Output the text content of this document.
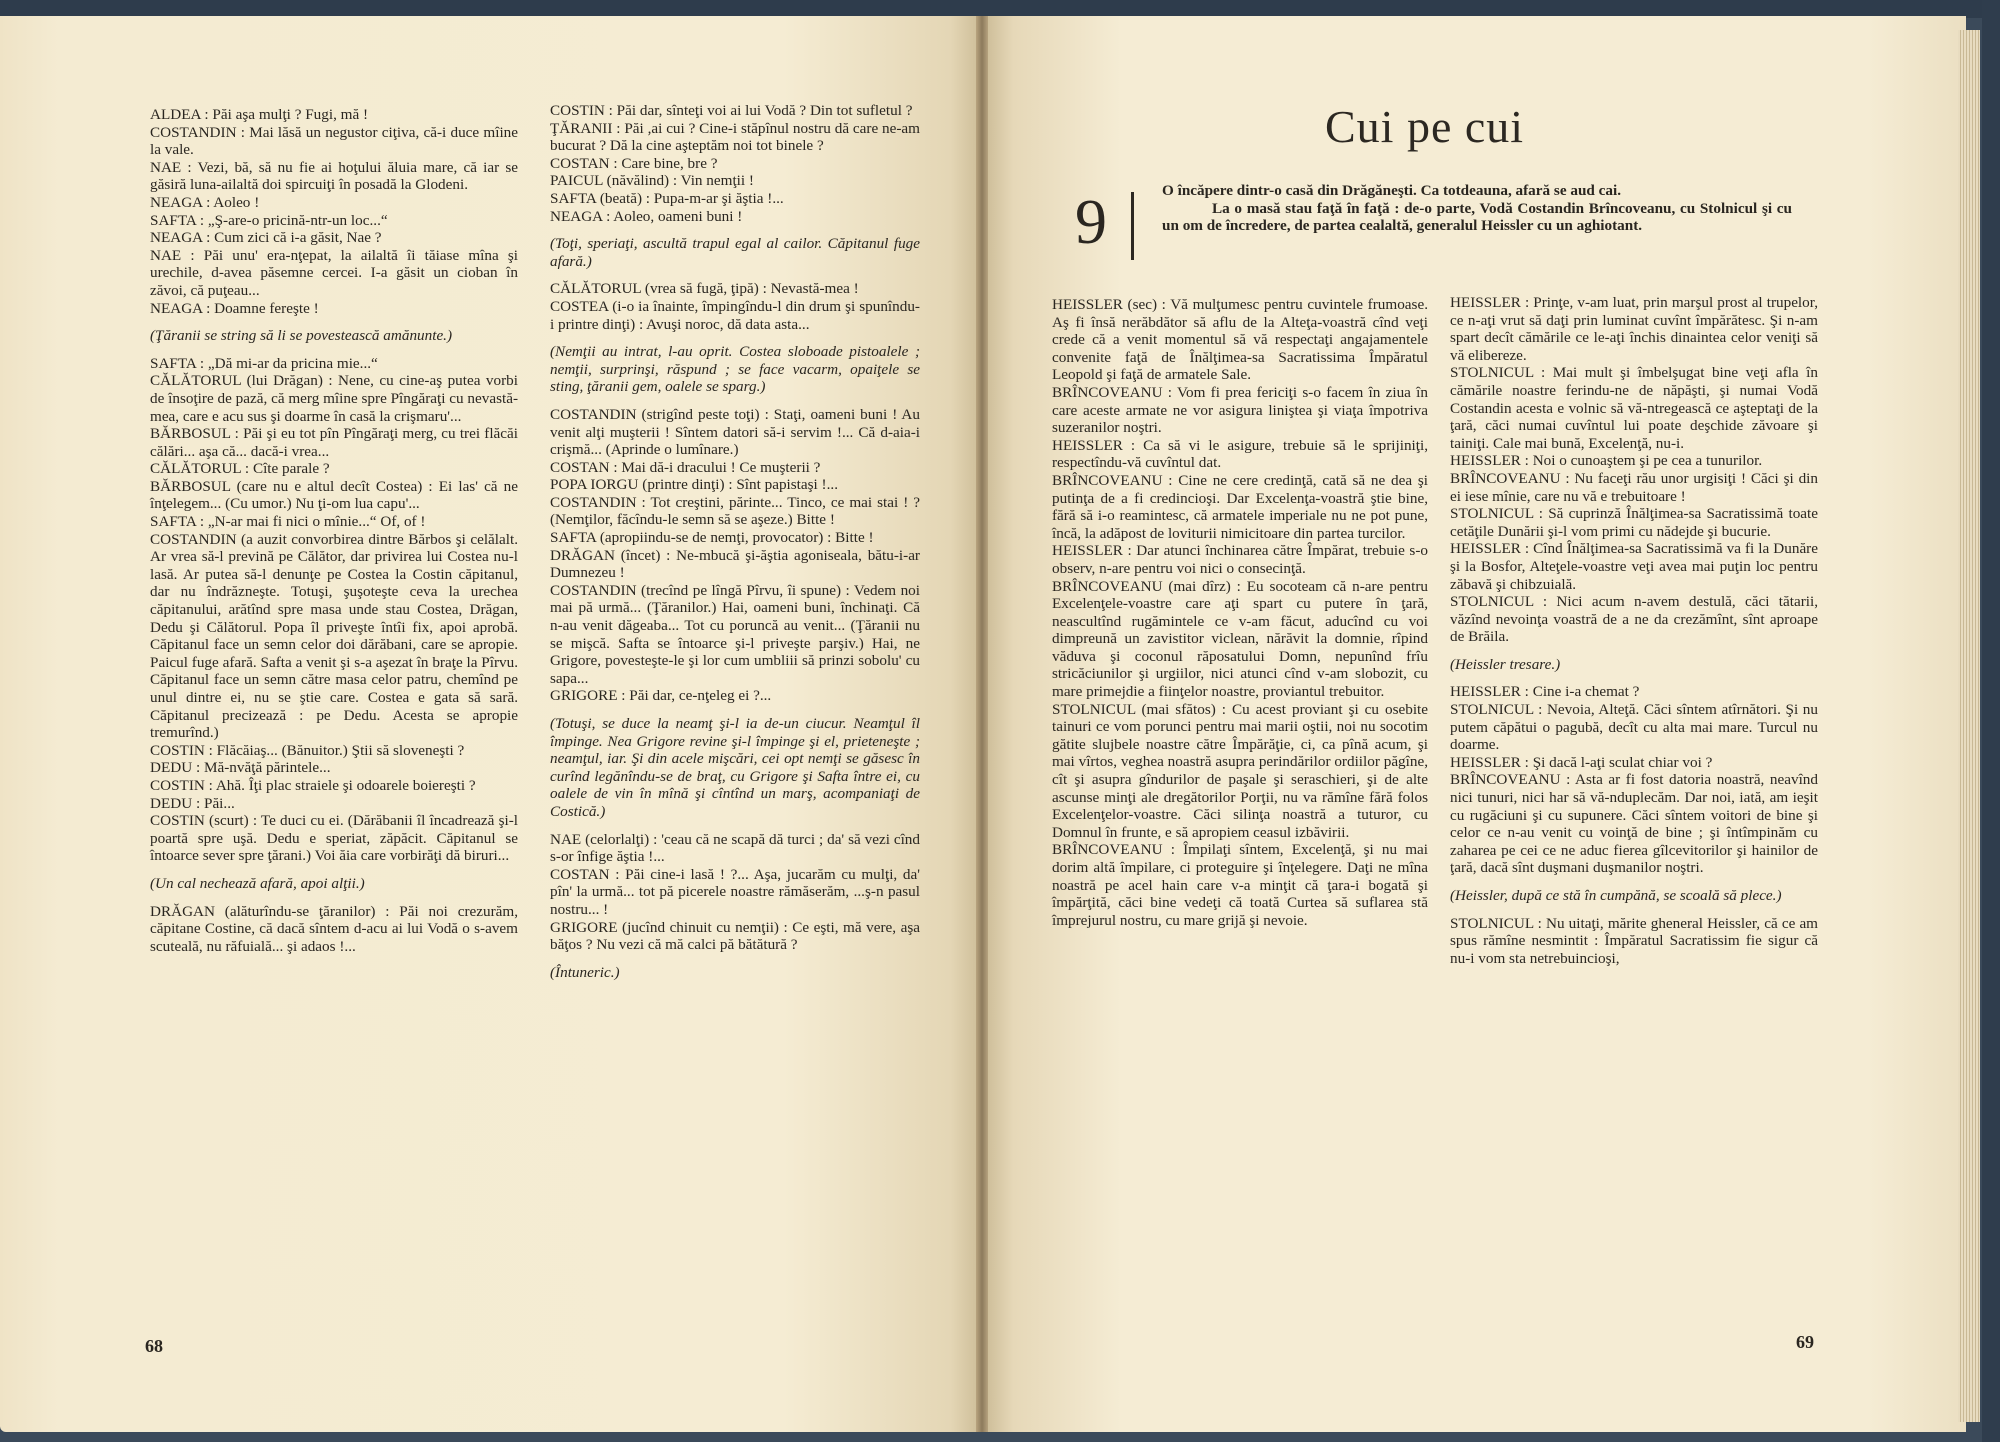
ALDEA : Păi aşa mulţi ? Fugi, mă !

COSTANDIN : Mai lăsă un negustor ciţiva, că-i duce mîine la vale.

NAE : Vezi, bă, să nu fie ai hoţului ăluia mare, că iar se găsiră luna-ailaltă doi spircuiţi în posadă la Glodeni.

NEAGA : Aoleo !

SAFTA : „Ş-are-o pricină-ntr-un loc...“

NEAGA : Cum zici că i-a găsit, Nae ?

NAE : Păi unu' era-nţepat, la ailaltă îi tăiase mîna şi urechile, d-avea păsemne cercei. I-a găsit un cioban în zăvoi, că puţeau...

NEAGA : Doamne fereşte !

(Ţăranii se string să li se povestească amănunte.)

SAFTA : „Dă mi-ar da pricina mie...“

CĂLĂTORUL (lui Drăgan) : Nene, cu cine-aş putea vorbi de însoţire de pază, că merg mîine spre Pîngăraţi cu nevastă-mea, care e acu sus şi doarme în casă la crişmaru'...

BĂRBOSUL : Păi şi eu tot pîn Pîngăraţi merg, cu trei flăcăi călări... aşa că... dacă-i vrea...

CĂLĂTORUL : Cîte parale ?

BĂRBOSUL (care nu e altul decît Costea) : Ei las' că ne înţelegem... (Cu umor.) Nu ţi-om lua capu'...

SAFTA : „N-ar mai fi nici o mînie...“ Of, of !

COSTANDIN (a auzit convorbirea dintre Bărbos şi celălalt. Ar vrea să-l prevină pe Călător, dar privirea lui Costea nu-l lasă. Ar putea să-l denunţe pe Costea la Costin căpitanul, dar nu îndrăzneşte. Totuşi, şuşoteşte ceva la urechea căpitanului, arătînd spre masa unde stau Costea, Drăgan, Dedu şi Călătorul. Popa îl priveşte întîi fix, apoi aprobă. Căpitanul face un semn celor doi dărăbani, care se apropie. Paicul fuge afară. Safta a venit şi s-a aşezat în braţe la Pîrvu. Căpitanul face un semn către masa celor patru, chemînd pe unul dintre ei, nu se ştie care. Costea e gata să sară. Căpitanul precizează : pe Dedu. Acesta se apropie tremurînd.)

COSTIN : Flăcăiaş... (Bănuitor.) Ştii să sloveneşti ?

DEDU : Mă-nvăţă părintele...

COSTIN : Ahă. Îţi plac straiele şi odoarele boiereşti ?

DEDU : Păi...

COSTIN (scurt) : Te duci cu ei. (Dărăbanii îl încadrează şi-l poartă spre uşă. Dedu e speriat, zăpăcit. Căpitanul se întoarce sever spre ţărani.) Voi ăia care vorbirăţi dă biruri...

(Un cal nechează afară, apoi alţii.)

DRĂGAN (alăturîndu-se ţăranilor) : Păi noi crezurăm, căpitane Costine, că dacă sîntem d-acu ai lui Vodă o s-avem scuteală, nu răfuială... şi adaos !...

COSTIN : Păi dar, sînteţi voi ai lui Vodă ? Din tot sufletul ?

ŢĂRANII : Păi ,ai cui ? Cine-i stăpînul nostru dă care ne-am bucurat ? Dă la cine aşteptăm noi tot binele ?

COSTAN : Care bine, bre ?

PAICUL (năvălind) : Vin nemţii !

SAFTA (beată) : Pupa-m-ar şi ăştia !...

NEAGA : Aoleo, oameni buni !

(Toţi, speriaţi, ascultă trapul egal al cailor. Căpitanul fuge afară.)

CĂLĂTORUL (vrea să fugă, ţipă) : Nevastă-mea !

COSTEA (i-o ia înainte, împingîndu-l din drum şi spunîndu-i printre dinţi) : Avuşi noroc, dă data asta...

(Nemţii au intrat, l-au oprit. Costea sloboade pistoalele ; nemţii, surprinşi, răspund ; se face vacarm, opaiţele se sting, ţăranii gem, oalele se sparg.)

COSTANDIN (strigînd peste toţi) : Staţi, oameni buni ! Au venit alţi muşterii ! Sîntem datori să-i servim !... Că d-aia-i crişmă... (Aprinde o lumînare.)

COSTAN : Mai dă-i dracului ! Ce muşterii ?

POPA IORGU (printre dinţi) : Sînt papistaşi !...

COSTANDIN : Tot creştini, părinte... Tinco, ce mai stai ! ? (Nemţilor, făcîndu-le semn să se aşeze.) Bitte !

SAFTA (apropiindu-se de nemţi, provocator) : Bitte !

DRĂGAN (încet) : Ne-mbucă şi-ăştia agoniseala, bătu-i-ar Dumnezeu !

COSTANDIN (trecînd pe lîngă Pîrvu, îi spune) : Vedem noi mai pă urmă... (Ţăranilor.) Hai, oameni buni, închinaţi. Că n-au venit dăgeaba... Tot cu poruncă au venit... (Ţăranii nu se mişcă. Safta se întoarce şi-l priveşte parşiv.) Hai, ne Grigore, povesteşte-le şi lor cum umbliii să prinzi sobolu' cu sapa...

GRIGORE : Păi dar, ce-nţeleg ei ?...

(Totuşi, se duce la neamţ şi-l ia de-un ciucur. Neamţul îl împinge. Nea Grigore revine şi-l împinge şi el, prieteneşte ; neamţul, iar. Şi din acele mişcări, cei opt nemţi se găsesc în curînd legănîndu-se de braţ, cu Grigore şi Safta între ei, cu oalele de vin în mînă şi cîntînd un marş, acompaniaţi de Costică.)

NAE (celorlalţi) : 'ceau că ne scapă dă turci ; da' să vezi cînd s-or înfige ăştia !...

COSTAN : Păi cine-i lasă ! ?... Aşa, jucarăm cu mulţi, da' pîn' la urmă... tot pă picerele noastre rămăserăm, ...ş-n pasul nostru... !

GRIGORE (jucînd chinuit cu nemţii) : Ce eşti, mă vere, aşa băţos ? Nu vezi că mă calci pă bătătură ?

(Întuneric.)

68
Cui pe cui
9	O încăpere dintr-o casă din Drăgăneşti. Ca totdeauna, afară se aud cai.
La o masă stau faţă în faţă : de-o parte, Vodă Costandin Brîncoveanu, cu Stolnicul şi cu un om de încredere, de partea cealaltă, generalul Heissler cu un aghiotant.

HEISSLER (sec) : Vă mulţumesc pentru cuvintele frumoase. Aş fi însă nerăbdător să aflu de la Alteţa-voastră cînd veţi crede că a venit momentul să vă respectaţi angajamentele convenite faţă de Înălţimea-sa Sacratissima Împăratul Leopold şi faţă de armatele Sale.

BRÎNCOVEANU : Vom fi prea fericiţi s-o facem în ziua în care aceste armate ne vor asigura liniştea şi viaţa împotriva suzeranilor noştri.

HEISSLER : Ca să vi le asigure, trebuie să le sprijiniţi, respectîndu-vă cuvîntul dat.

BRÎNCOVEANU : Cine ne cere credinţă, cată să ne dea şi putinţa de a fi credincioşi. Dar Excelenţa-voastră ştie bine, fără să i-o reamintesc, că armatele imperiale nu ne pot pune, încă, la adăpost de loviturii nimicitoare din partea turcilor.

HEISSLER : Dar atunci închinarea către Împărat, trebuie s-o observ, n-are pentru voi nici o consecinţă.

BRÎNCOVEANU (mai dîrz) : Eu socoteam că n-are pentru Excelenţele-voastre care aţi spart cu putere în ţară, neascultînd rugămintele ce v-am făcut, aducînd cu voi dimpreună un zavistitor viclean, nărăvit la domnie, rîpind văduva şi coconul răposatului Domn, nepunînd frîu stricăciunilor şi urgiilor, nici atunci cînd v-am slobozit, cu mare primejdie a fiinţelor noastre, proviantul trebuitor.

STOLNICUL (mai sfătos) : Cu acest proviant şi cu osebite tainuri ce vom porunci pentru mai marii oştii, noi nu socotim gătite slujbele noastre către Împărăţie, ci, ca pînă acum, şi mai vîrtos, veghea noastră asupra perindărilor ordiilor păgîne, cît şi asupra gîndurilor de paşale şi seraschieri, şi de alte ascunse minţi ale dregătorilor Porţii, nu va rămîne fără folos Excelenţelor-voastre. Căci silinţa noastră a tuturor, cu Domnul în frunte, e să apropiem ceasul izbăvirii.

BRÎNCOVEANU : Împilaţi sîntem, Excelenţă, şi nu mai dorim altă împilare, ci proteguire şi înţelegere. Daţi ne mîna noastră pe acel hain care v-a minţit că ţara-i bogată şi împărţită, căci bine vedeţi că toată Curtea să suflarea stă împrejurul nostru, cu mare grijă şi nevoie.

HEISSLER : Prinţe, v-am luat, prin marşul prost al trupelor, ce n-aţi vrut să daţi prin luminat cuvînt împărătesc. Şi n-am spart decît cămările ce le-aţi închis dinaintea celor veniţi să vă elibereze.

STOLNICUL : Mai mult şi îmbelşugat bine veţi afla în cămările noastre ferindu-ne de năpăşti, şi numai Vodă Costandin acesta e volnic să vă-ntregească ce aşteptaţi de la ţară, căci numai cuvîntul lui poate deşchide zăvoare şi tainiţi. Cale mai bună, Excelenţă, nu-i.

HEISSLER : Noi o cunoaştem şi pe cea a tunurilor.

BRÎNCOVEANU : Nu faceţi rău unor urgisiţi ! Căci şi din ei iese mînie, care nu vă e trebuitoare !

STOLNICUL : Să cuprinză Înălţimea-sa Sacratissimă toate cetăţile Dunării şi-l vom primi cu nădejde şi bucurie.

HEISSLER : Cînd Înălţimea-sa Sacratissimă va fi la Dunăre şi la Bosfor, Alteţele-voastre veţi avea mai puţin loc pentru zăbavă şi chibzuială.

STOLNICUL : Nici acum n-avem destulă, căci tătarii, văzînd nevoinţa voastră de a ne da crezămînt, sînt aproape de Brăila.

(Heissler tresare.)

HEISSLER : Cine i-a chemat ?

STOLNICUL : Nevoia, Alteţă. Căci sîntem atîrnători. Şi nu putem căpătui o pagubă, decît cu alta mai mare. Turcul nu doarme.

HEISSLER : Şi dacă l-aţi sculat chiar voi ?

BRÎNCOVEANU : Asta ar fi fost datoria noastră, neavînd nici tunuri, nici har să vă-nduplecăm. Dar noi, iată, am ieşit cu rugăciuni şi cu supunere. Căci sîntem voitori de bine şi celor ce n-au venit cu voinţă de bine ; şi întîmpinăm cu zaharea pe cei ce ne aduc fierea gîlcevitorilor şi hainilor de ţară, dacă sînt duşmani duşmanilor noştri.

(Heissler, după ce stă în cumpănă, se scoală să plece.)

STOLNICUL : Nu uitaţi, mărite gheneral Heissler, că ce am spus rămîne nesmintit : Împăratul Sacratissim fie sigur că nu-i vom sta netrebuincioşi,

69
